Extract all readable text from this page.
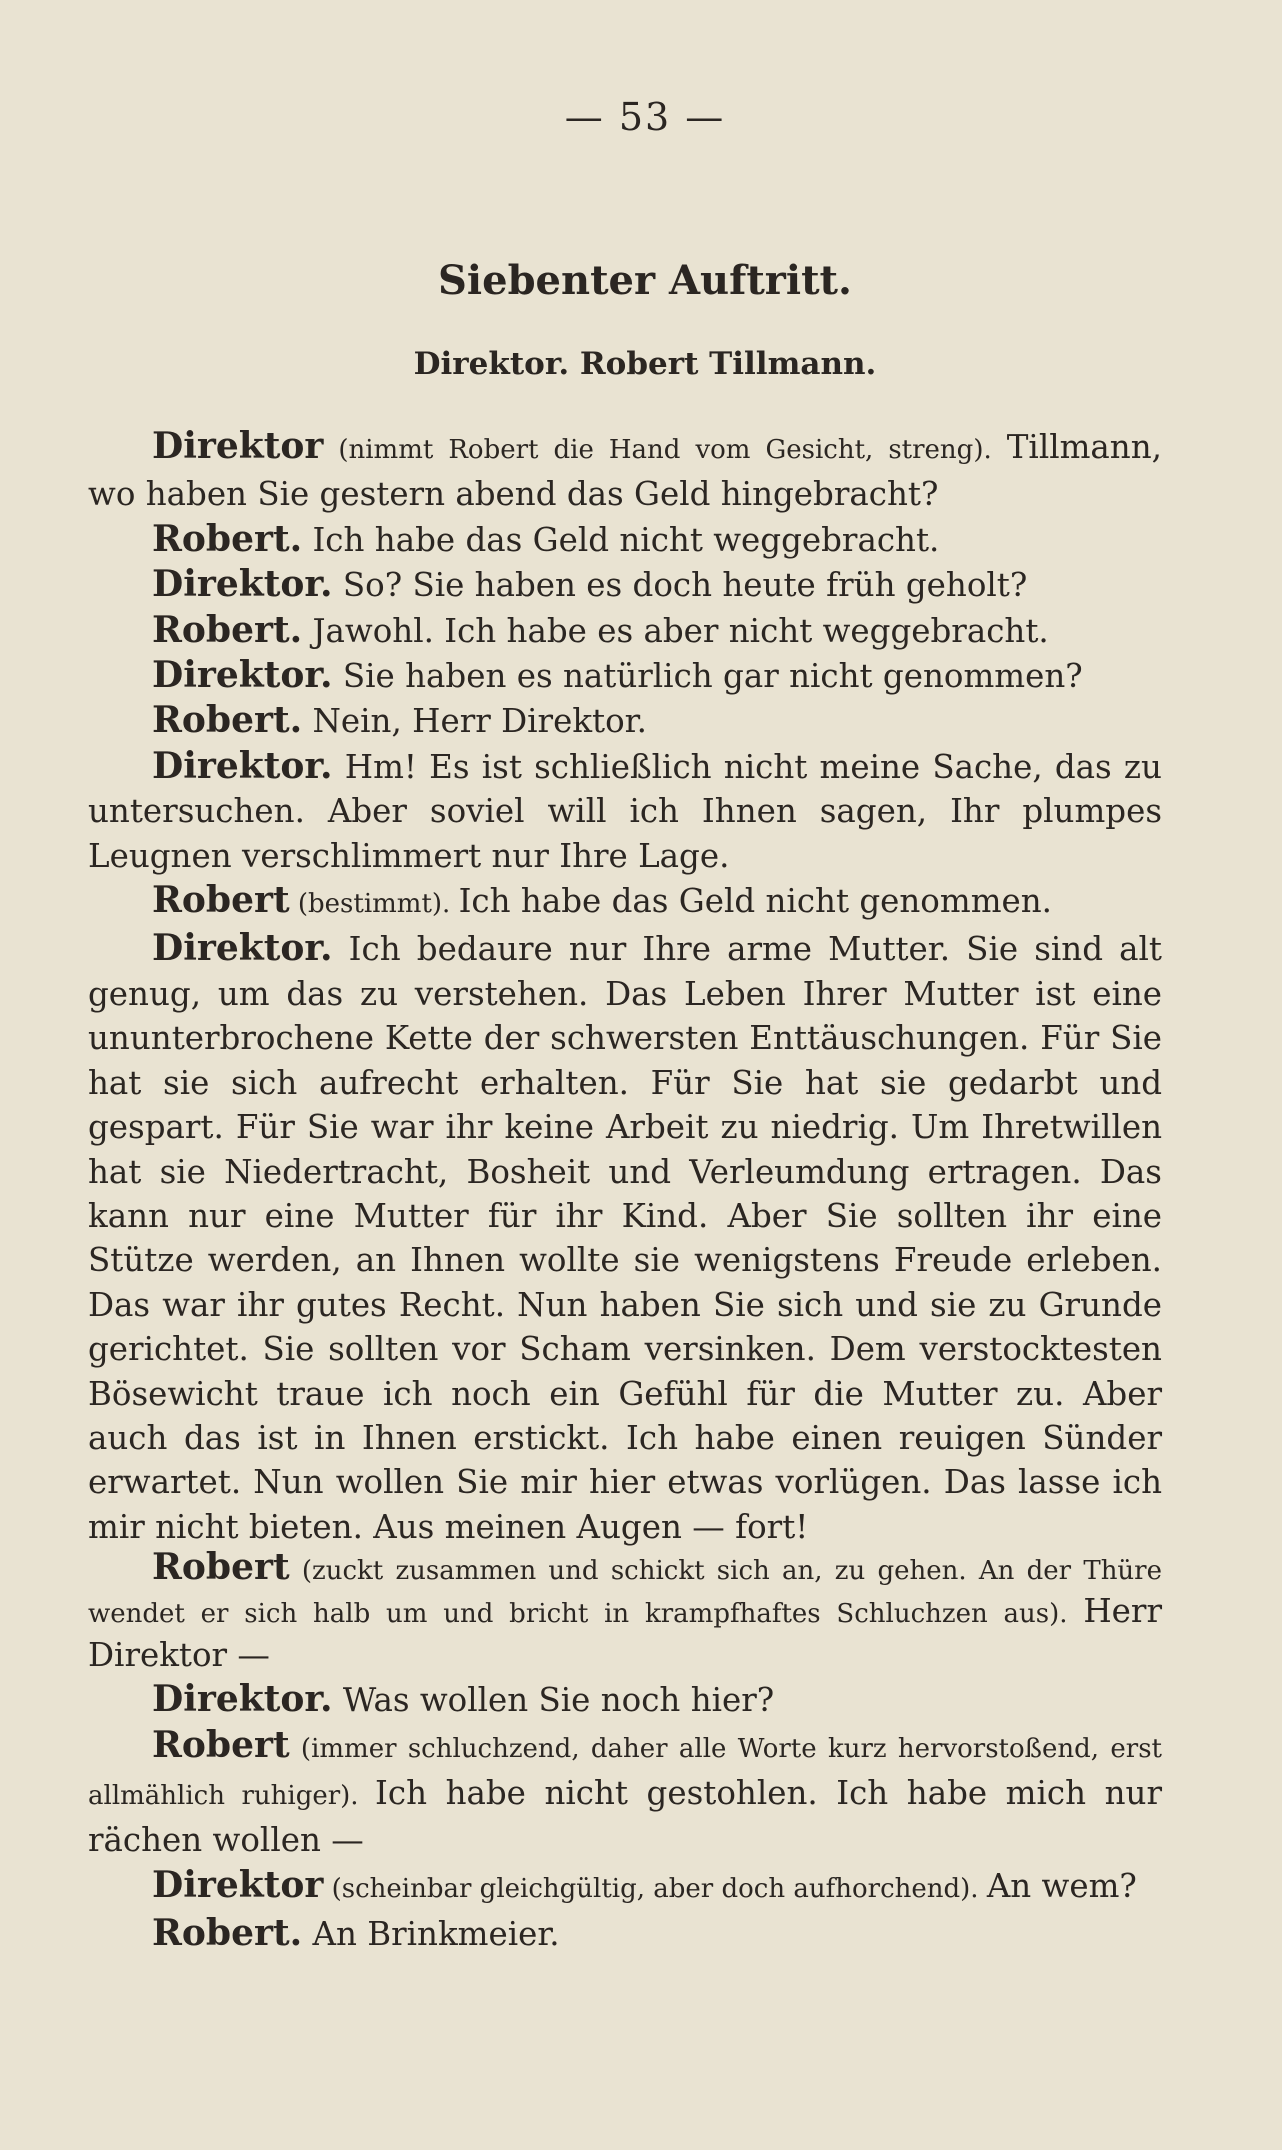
— 53 —
Siebenter Auftritt.
Direktor. Robert Tillmann.

Direktor (nimmt Robert die Hand vom Gesicht, streng). Tillmann, wo haben Sie gestern abend das Geld hingebracht?

Robert. Ich habe das Geld nicht weggebracht.

Direktor. So? Sie haben es doch heute früh geholt?

Robert. Jawohl. Ich habe es aber nicht weggebracht.

Direktor. Sie haben es natürlich gar nicht genommen?

Robert. Nein, Herr Direktor.

Direktor. Hm! Es ist schließlich nicht meine Sache, das zu untersuchen. Aber soviel will ich Ihnen sagen, Ihr plumpes Leugnen verschlimmert nur Ihre Lage.

Robert (bestimmt). Ich habe das Geld nicht genommen.

Direktor. Ich bedaure nur Ihre arme Mutter. Sie sind alt genug, um das zu verstehen. Das Leben Ihrer Mutter ist eine ununterbrochene Kette der schwersten Enttäuschungen. Für Sie hat sie sich aufrecht erhalten. Für Sie hat sie gedarbt und gespart. Für Sie war ihr keine Arbeit zu niedrig. Um Ihretwillen hat sie Niedertracht, Bosheit und Verleumdung ertragen. Das kann nur eine Mutter für ihr Kind. Aber Sie sollten ihr eine Stütze werden, an Ihnen wollte sie wenigstens Freude erleben. Das war ihr gutes Recht. Nun haben Sie sich und sie zu Grunde gerichtet. Sie sollten vor Scham versinken. Dem verstocktesten Bösewicht traue ich noch ein Gefühl für die Mutter zu. Aber auch das ist in Ihnen erstickt. Ich habe einen reuigen Sünder erwartet. Nun wollen Sie mir hier etwas vorlügen. Das lasse ich mir nicht bieten. Aus meinen Augen — fort!

Robert (zuckt zusammen und schickt sich an, zu gehen. An der Thüre wendet er sich halb um und bricht in krampfhaftes Schluchzen aus). Herr Direktor —

Direktor. Was wollen Sie noch hier?

Robert (immer schluchzend, daher alle Worte kurz hervorstoßend, erst allmählich ruhiger). Ich habe nicht gestohlen. Ich habe mich nur rächen wollen —

Direktor (scheinbar gleichgültig, aber doch aufhorchend). An wem?

Robert. An Brinkmeier.
